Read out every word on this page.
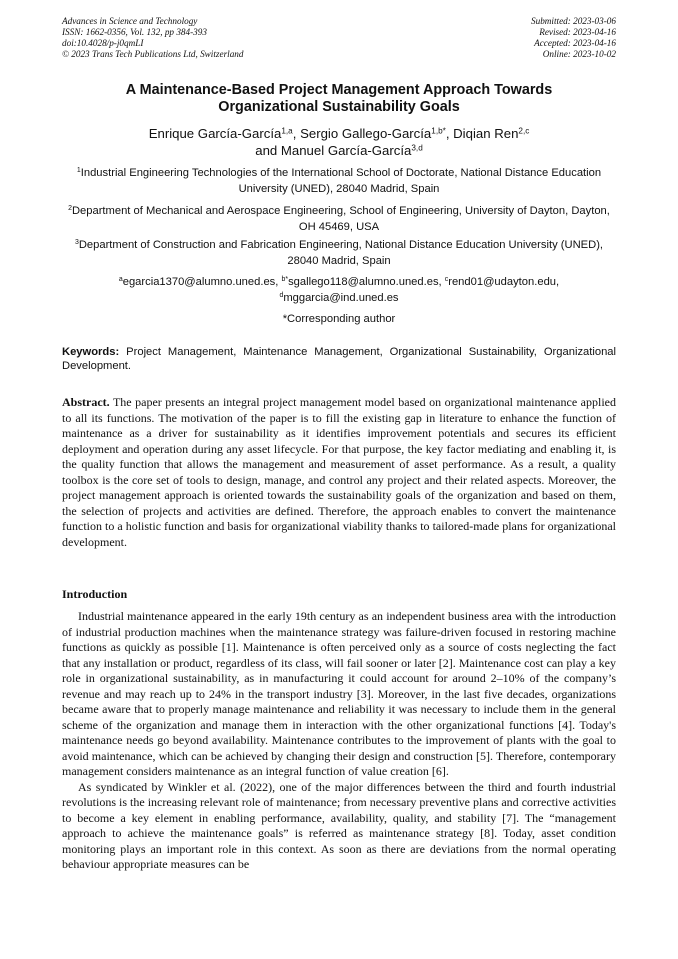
Advances in Science and Technology
ISSN: 1662-0356, Vol. 132, pp 384-393
doi:10.4028/p-j0qmLI
© 2023 Trans Tech Publications Ltd, Switzerland
Submitted: 2023-03-06
Revised: 2023-04-16
Accepted: 2023-04-16
Online: 2023-10-02
A Maintenance-Based Project Management Approach Towards
Organizational Sustainability Goals
Enrique García-García$^{1,a}$, Sergio Gallego-García$^{1,b*}$, Diqian Ren$^{2,c}$
and Manuel García-García$^{3,d}$
$^1$Industrial Engineering Technologies of the International School of Doctorate, National Distance Education University (UNED), 28040 Madrid, Spain
$^2$Department of Mechanical and Aerospace Engineering, School of Engineering, University of Dayton, Dayton, OH 45469, USA
$^3$Department of Construction and Fabrication Engineering, National Distance Education University (UNED), 28040 Madrid, Spain
$^a$egarcia1370@alumno.uned.es, $^{b*}$sgallego118@alumno.uned.es, $^c$rend01@udayton.edu,
$^d$mggarcia@ind.uned.es
*Corresponding author
Keywords: Project Management, Maintenance Management, Organizational Sustainability, Organizational Development.
Abstract. The paper presents an integral project management model based on organizational maintenance applied to all its functions. The motivation of the paper is to fill the existing gap in literature to enhance the function of maintenance as a driver for sustainability as it identifies improvement potentials and secures its efficient deployment and operation during any asset lifecycle. For that purpose, the key factor mediating and enabling it, is the quality function that allows the management and measurement of asset performance. As a result, a quality toolbox is the core set of tools to design, manage, and control any project and their related aspects. Moreover, the project management approach is oriented towards the sustainability goals of the organization and based on them, the selection of projects and activities are defined. Therefore, the approach enables to convert the maintenance function to a holistic function and basis for organizational viability thanks to tailored-made plans for organizational development.
Introduction

Industrial maintenance appeared in the early 19th century as an independent business area with the introduction of industrial production machines when the maintenance strategy was failure-driven focused in restoring machine functions as quickly as possible [1]. Maintenance is often perceived only as a source of costs neglecting the fact that any installation or product, regardless of its class, will fail sooner or later [2]. Maintenance cost can play a key role in organizational sustainability, as in manufacturing it could account for around 2–10% of the company’s revenue and may reach up to 24% in the transport industry [3]. Moreover, in the last five decades, organizations became aware that to properly manage maintenance and reliability it was necessary to include them in the general scheme of the organization and manage them in interaction with the other organizational functions [4]. Today's maintenance needs go beyond availability. Maintenance contributes to the improvement of plants with the goal to avoid maintenance, which can be achieved by changing their design and construction [5]. Therefore, contemporary management considers maintenance as an integral function of value creation [6].

As syndicated by Winkler et al. (2022), one of the major differences between the third and fourth industrial revolutions is the increasing relevant role of maintenance; from necessary preventive plans and corrective activities to become a key element in enabling performance, availability, quality, and stability [7]. The “management approach to achieve the maintenance goals” is referred as maintenance strategy [8]. Today, asset condition monitoring plays an important role in this context. As soon as there are deviations from the normal operating behaviour appropriate measures can be
